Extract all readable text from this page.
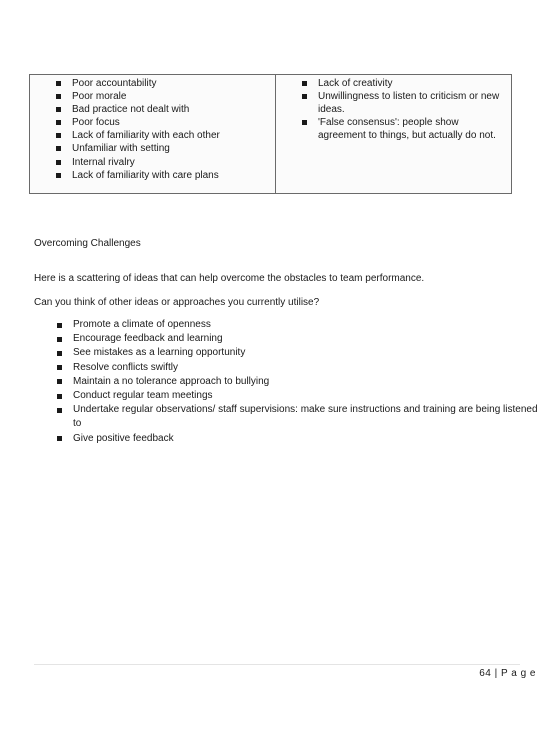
Poor accountability
Poor morale
Bad practice not dealt with
Poor focus
Lack of familiarity with each other
Unfamiliar with setting
Internal rivalry
Lack of familiarity with care plans
Lack of creativity
Unwillingness to listen to criticism or new ideas.
'False consensus': people show agreement to things, but actually do not.
Overcoming Challenges
Here is a scattering of ideas that can help overcome the obstacles to team performance.
Can you think of other ideas or approaches you currently utilise?
Promote a climate of openness
Encourage feedback and learning
See mistakes as a learning opportunity
Resolve conflicts swiftly
Maintain a no tolerance approach to bullying
Conduct regular team meetings
Undertake regular observations/ staff supervisions: make sure instructions and training are being listened to
Give positive feedback
64 | P a g e
